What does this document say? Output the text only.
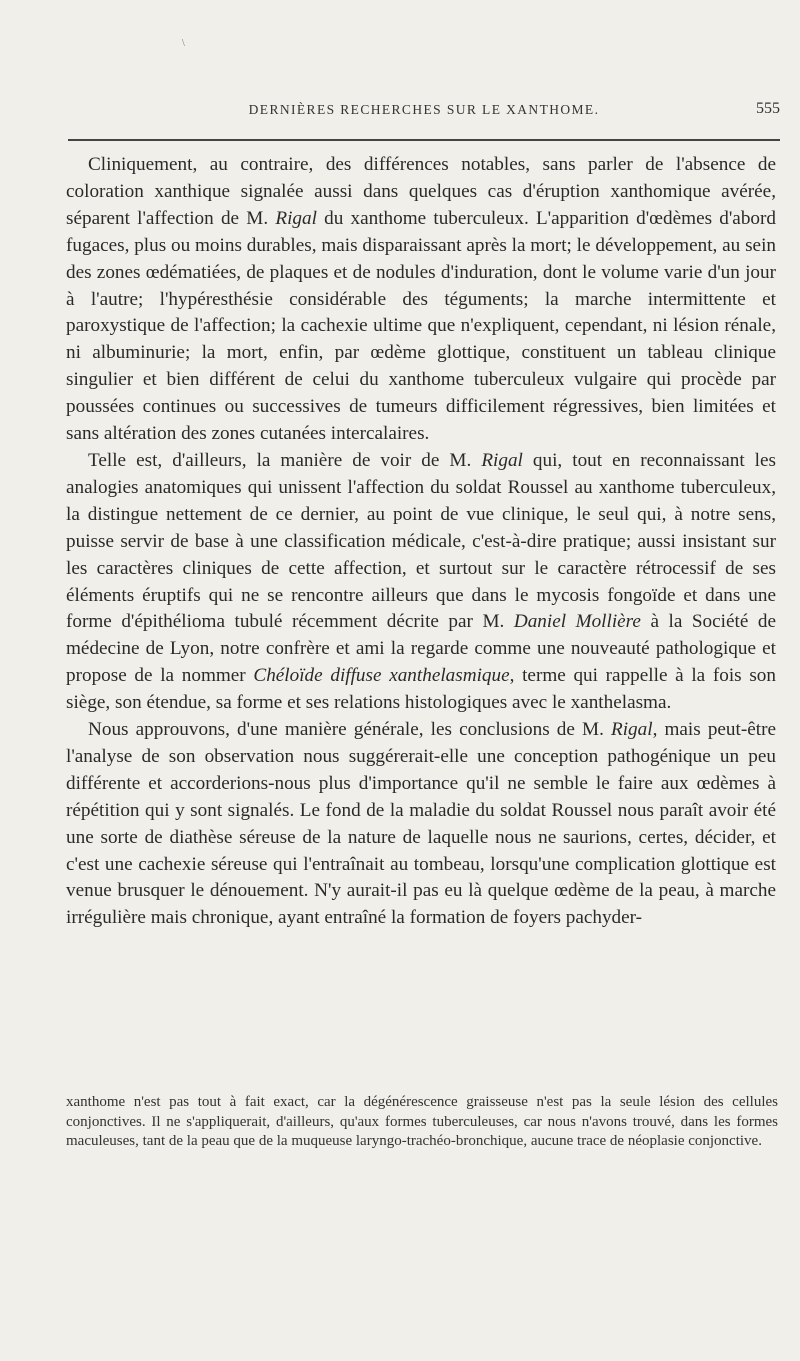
\
DERNIÈRES RECHERCHES SUR LE XANTHOME.	555

Cliniquement, au contraire, des différences notables, sans parler de l'absence de coloration xanthique signalée aussi dans quelques cas d'éruption xanthomique avérée, séparent l'affection de M. Rigal du xanthome tuberculeux. L'apparition d'œdèmes d'abord fugaces, plus ou moins durables, mais disparaissant après la mort; le développement, au sein des zones œdématiées, de plaques et de nodules d'induration, dont le volume varie d'un jour à l'autre; l'hypéresthésie considérable des téguments; la marche intermittente et paroxystique de l'affection; la cachexie ultime que n'expliquent, cependant, ni lésion rénale, ni albuminurie; la mort, enfin, par œdème glottique, constituent un tableau clinique singulier et bien différent de celui du xanthome tuberculeux vulgaire qui procède par poussées continues ou successives de tumeurs difficilement régressives, bien limitées et sans altération des zones cutanées intercalaires.

Telle est, d'ailleurs, la manière de voir de M. Rigal qui, tout en reconnaissant les analogies anatomiques qui unissent l'affection du soldat Roussel au xanthome tuberculeux, la distingue nettement de ce dernier, au point de vue clinique, le seul qui, à notre sens, puisse servir de base à une classification médicale, c'est-à-dire pratique; aussi insistant sur les caractères cliniques de cette affection, et surtout sur le caractère rétrocessif de ses éléments éruptifs qui ne se rencontre ailleurs que dans le mycosis fongoïde et dans une forme d'épithélioma tubulé récemment décrite par M. Daniel Mollière à la Société de médecine de Lyon, notre confrère et ami la regarde comme une nouveauté pathologique et propose de la nommer Chéloïde diffuse xanthelasmique, terme qui rappelle à la fois son siège, son étendue, sa forme et ses relations histologiques avec le xanthelasma.

Nous approuvons, d'une manière générale, les conclusions de M. Rigal, mais peut-être l'analyse de son observation nous suggérerait-elle une conception pathogénique un peu différente et accorderions-nous plus d'importance qu'il ne semble le faire aux œdèmes à répétition qui y sont signalés. Le fond de la maladie du soldat Roussel nous paraît avoir été une sorte de diathèse séreuse de la nature de laquelle nous ne saurions, certes, décider, et c'est une cachexie séreuse qui l'entraînait au tombeau, lorsqu'une complication glottique est venue brusquer le dénouement. N'y aurait-il pas eu là quelque œdème de la peau, à marche irrégulière mais chronique, ayant entraîné la formation de foyers pachyder-

xanthome n'est pas tout à fait exact, car la dégénérescence graisseuse n'est pas la seule lésion des cellules conjonctives. Il ne s'appliquerait, d'ailleurs, qu'aux formes tuberculeuses, car nous n'avons trouvé, dans les formes maculeuses, tant de la peau que de la muqueuse laryngo-trachéo-bronchique, aucune trace de néoplasie conjonctive.
